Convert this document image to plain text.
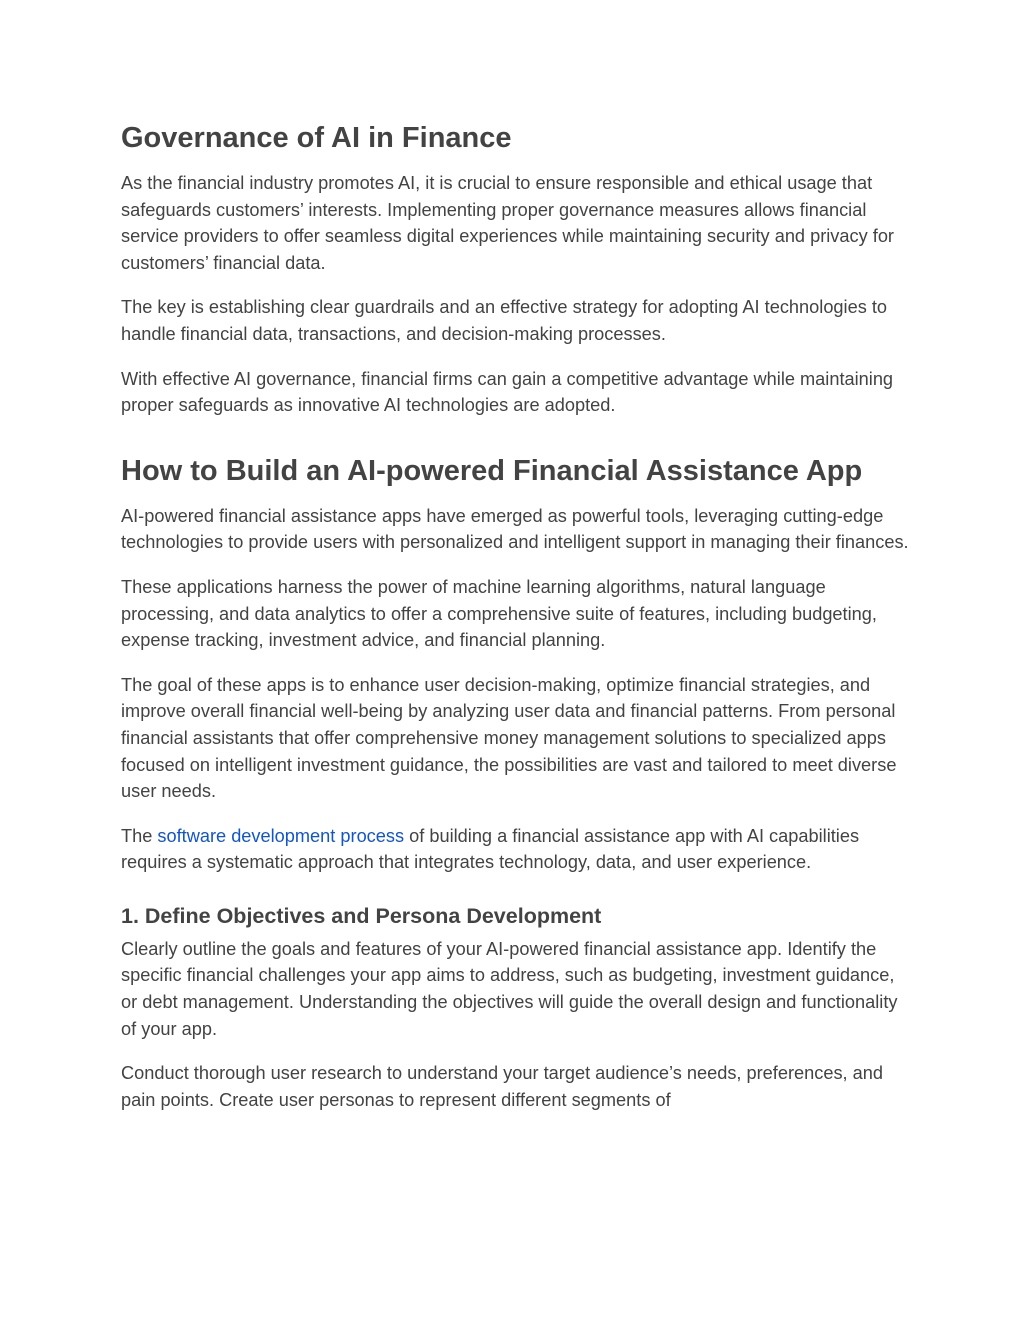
Governance of AI in Finance

As the financial industry promotes AI, it is crucial to ensure responsible and ethical usage that safeguards customers’ interests. Implementing proper governance measures allows financial service providers to offer seamless digital experiences while maintaining security and privacy for customers’ financial data.

The key is establishing clear guardrails and an effective strategy for adopting AI technologies to handle financial data, transactions, and decision-making processes.

With effective AI governance, financial firms can gain a competitive advantage while maintaining proper safeguards as innovative AI technologies are adopted.

How to Build an AI-powered Financial Assistance App

AI-powered financial assistance apps have emerged as powerful tools, leveraging cutting-edge technologies to provide users with personalized and intelligent support in managing their finances.

These applications harness the power of machine learning algorithms, natural language processing, and data analytics to offer a comprehensive suite of features, including budgeting, expense tracking, investment advice, and financial planning.

The goal of these apps is to enhance user decision-making, optimize financial strategies, and improve overall financial well-being by analyzing user data and financial patterns. From personal financial assistants that offer comprehensive money management solutions to specialized apps focused on intelligent investment guidance, the possibilities are vast and tailored to meet diverse user needs.

The software development process of building a financial assistance app with AI capabilities requires a systematic approach that integrates technology, data, and user experience.

1. Define Objectives and Persona Development

Clearly outline the goals and features of your AI-powered financial assistance app. Identify the specific financial challenges your app aims to address, such as budgeting, investment guidance, or debt management. Understanding the objectives will guide the overall design and functionality of your app.

Conduct thorough user research to understand your target audience’s needs, preferences, and pain points. Create user personas to represent different segments of
